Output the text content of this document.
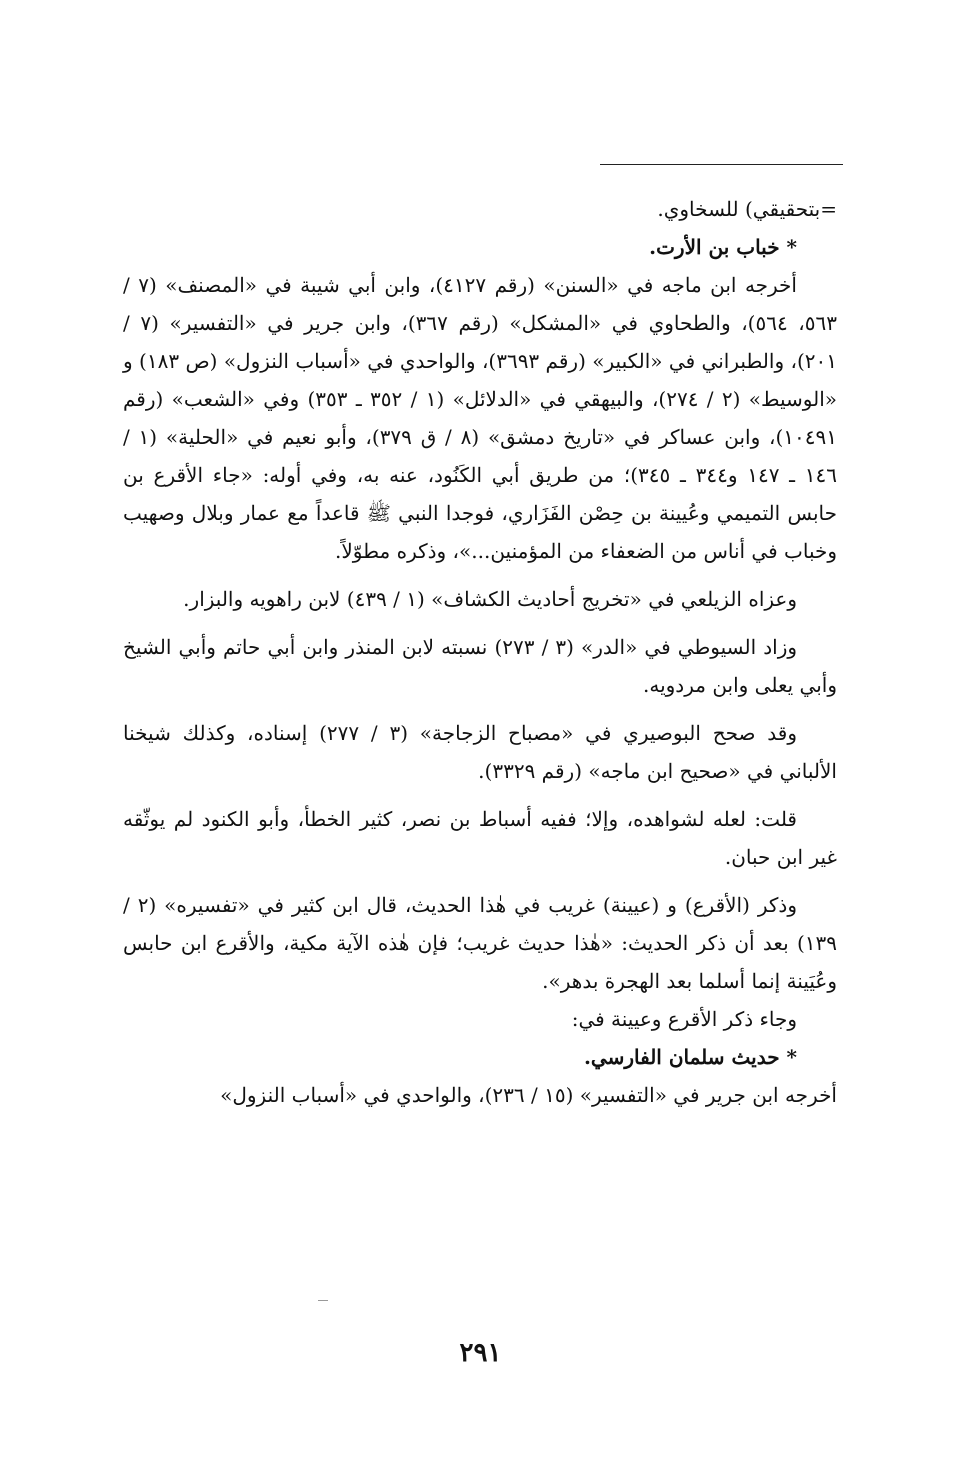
=بتحقيقي) للسخاوي.

* خباب بن الأرت.

أخرجه ابن ماجه في «السنن» (رقم ٤١٢٧)، وابن أبي شيبة في «المصنف» (٧ / ٥٦٣، ٥٦٤)، والطحاوي في «المشكل» (رقم ٣٦٧)، وابن جرير في «التفسير» (٧ / ٢٠١)، والطبراني في «الكبير» (رقم ٣٦٩٣)، والواحدي في «أسباب النزول» (ص ١٨٣) و «الوسيط» (٢ / ٢٧٤)، والبيهقي في «الدلائل» (١ / ٣٥٢ ـ ٣٥٣) وفي «الشعب» (رقم ١٠٤٩١)، وابن عساكر في «تاريخ دمشق» (٨ / ق ٣٧٩)، وأبو نعيم في «الحلية» (١ / ١٤٦ ـ ١٤٧ و٣٤٤ ـ ٣٤٥)؛ من طريق أبي الكَنُود، عنه به، وفي أوله: «جاء الأقرع بن حابس التميمي وعُيينة بن حِصْن الفَزَاري، فوجدا النبي ﷺ قاعداً مع عمار وبلال وصهيب وخباب في أناس من الضعفاء من المؤمنين...»، وذكره مطوّلاً.

وعزاه الزيلعي في «تخريج أحاديث الكشاف» (١ / ٤٣٩) لابن راهويه والبزار.

وزاد السيوطي في «الدر» (٣ / ٢٧٣) نسبته لابن المنذر وابن أبي حاتم وأبي الشيخ وأبي يعلى وابن مردويه.

وقد صحح البوصيري في «مصباح الزجاجة» (٣ / ٢٧٧) إسناده، وكذلك شيخنا الألباني في «صحيح ابن ماجه» (رقم ٣٣٢٩).

قلت: لعله لشواهده، وإلا؛ ففيه أسباط بن نصر، كثير الخطأ، وأبو الكنود لم يوثّقه غير ابن حبان.

وذكر (الأقرع) و (عيينة) غريب في هٰذا الحديث، قال ابن كثير في «تفسيره» (٢ / ١٣٩) بعد أن ذكر الحديث: «هٰذا حديث غريب؛ فإن هٰذه الآية مكية، والأقرع ابن حابس وعُيَينة إنما أسلما بعد الهجرة بدهر».

وجاء ذكر الأقرع وعيينة في:

* حديث سلمان الفارسي.

أخرجه ابن جرير في «التفسير» (١٥ / ٢٣٦)، والواحدي في «أسباب النزول»

٢٩١
